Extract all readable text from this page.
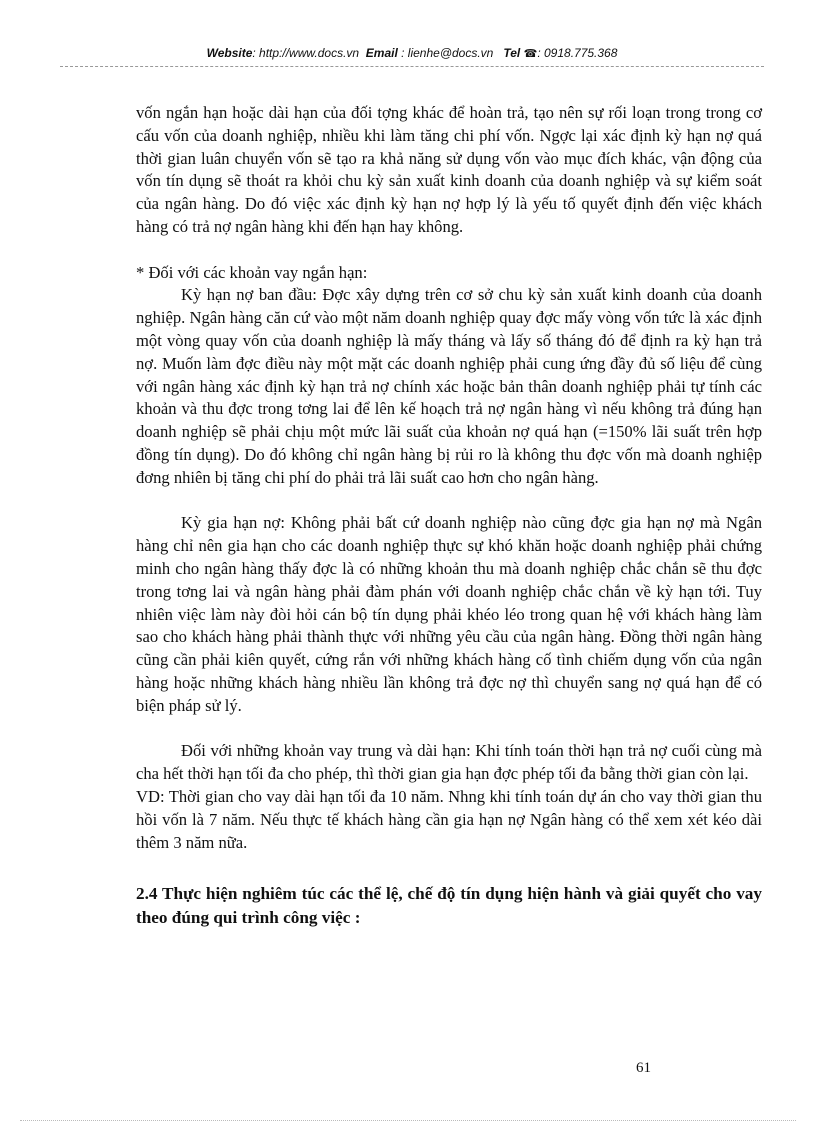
Website: http://www.docs.vn Email : lienhe@docs.vn Tel ☎: 0918.775.368

vốn ngắn hạn hoặc dài hạn của đối tợng khác để hoàn trả, tạo nên sự rối loạn trong trong cơ cấu vốn của doanh nghiệp, nhiều khi làm tăng chi phí vốn. Ngợc lại xác định kỳ hạn nợ quá thời gian luân chuyển vốn sẽ tạo ra khả năng sử dụng vốn vào mục đích khác, vận động của vốn tín dụng sẽ thoát ra khỏi chu kỳ sản xuất kinh doanh của doanh nghiệp và sự kiểm soát của ngân hàng. Do đó việc xác định kỳ hạn nợ hợp lý là yếu tố quyết định đến việc khách hàng có trả nợ ngân hàng khi đến hạn hay không.

* Đối với các khoản vay ngắn hạn:

Kỳ hạn nợ ban đầu: Đợc xây dựng trên cơ sở chu kỳ sản xuất kinh doanh của doanh nghiệp. Ngân hàng căn cứ vào một năm doanh nghiệp quay đợc mấy vòng vốn tức là xác định một vòng quay vốn của doanh nghiệp là mấy tháng và lấy số tháng đó để định ra kỳ hạn trả nợ. Muốn làm đợc điều này một mặt các doanh nghiệp phải cung ứng đầy đủ số liệu để cùng với ngân hàng xác định kỳ hạn trả nợ chính xác hoặc bản thân doanh nghiệp phải tự tính các khoản và thu đợc trong tơng lai để lên kế hoạch trả nợ ngân hàng vì nếu không trả đúng hạn doanh nghiệp sẽ phải chịu một mức lãi suất của khoản nợ quá hạn (=150% lãi suất trên hợp đồng tín dụng). Do đó không chỉ ngân hàng bị rủi ro là không thu đợc vốn mà doanh nghiệp đơng nhiên bị tăng chi phí do phải trả lãi suất cao hơn cho ngân hàng.

Kỳ gia hạn nợ: Không phải bất cứ doanh nghiệp nào cũng đợc gia hạn nợ mà Ngân hàng chỉ nên gia hạn cho các doanh nghiệp thực sự khó khăn hoặc doanh nghiệp phải chứng minh cho ngân hàng thấy đợc là có những khoản thu mà doanh nghiệp chắc chắn sẽ thu đợc trong tơng lai và ngân hàng phải đàm phán với doanh nghiệp chắc chắn về kỳ hạn tới. Tuy nhiên việc làm này đòi hỏi cán bộ tín dụng phải khéo léo trong quan hệ với khách hàng làm sao cho khách hàng phải thành thực với những yêu cầu của ngân hàng. Đồng thời ngân hàng cũng cần phải kiên quyết, cứng rắn với những khách hàng cố tình chiếm dụng vốn của ngân hàng hoặc những khách hàng nhiều lần không trả đợc nợ thì chuyển sang nợ quá hạn để có biện pháp sử lý.

Đối với những khoản vay trung và dài hạn: Khi tính toán thời hạn trả nợ cuối cùng mà cha hết thời hạn tối đa cho phép, thì thời gian gia hạn đợc phép tối đa bằng thời gian còn lại.

VD: Thời gian cho vay dài hạn tối đa 10 năm. Nhng khi tính toán dự án cho vay thời gian thu hồi vốn là 7 năm. Nếu thực tế khách hàng cần gia hạn nợ Ngân hàng có thể xem xét kéo dài thêm 3 năm nữa.

2.4 Thực hiện nghiêm túc các thể lệ, chế độ tín dụng hiện hành và giải quyết cho vay theo đúng qui trình công việc :

61
